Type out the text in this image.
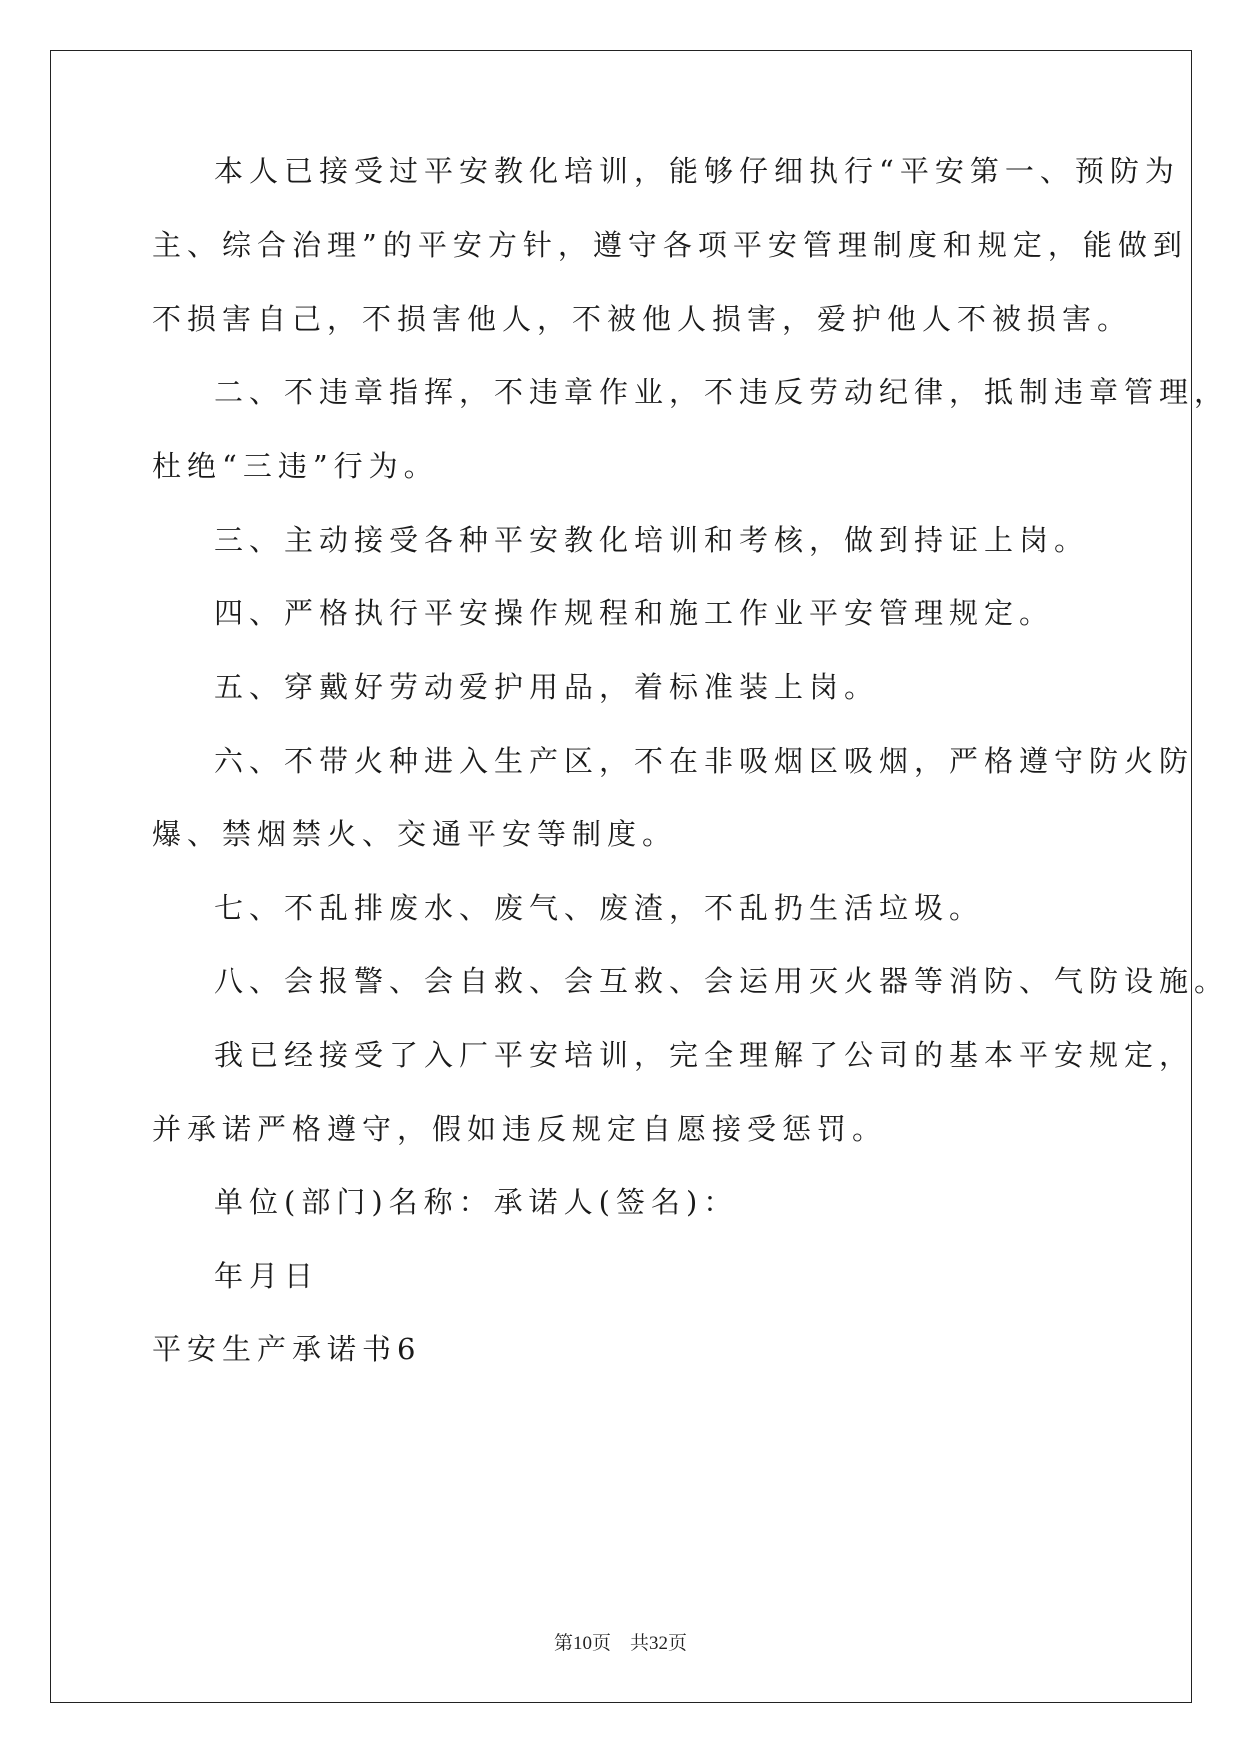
本人已接受过平安教化培训，能够仔细执行“平安第一、预防为
主、综合治理”的平安方针，遵守各项平安管理制度和规定，能做到
不损害自己，不损害他人，不被他人损害，爱护他人不被损害。
二、不违章指挥，不违章作业，不违反劳动纪律，抵制违章管理，
杜绝“三违”行为。
三、主动接受各种平安教化培训和考核，做到持证上岗。
四、严格执行平安操作规程和施工作业平安管理规定。
五、穿戴好劳动爱护用品，着标准装上岗。
六、不带火种进入生产区，不在非吸烟区吸烟，严格遵守防火防
爆、禁烟禁火、交通平安等制度。
七、不乱排废水、废气、废渣，不乱扔生活垃圾。
八、会报警、会自救、会互救、会运用灭火器等消防、气防设施。
我已经接受了入厂平安培训，完全理解了公司的基本平安规定，
并承诺严格遵守，假如违反规定自愿接受惩罚。
单位(部门)名称：承诺人(签名)：
年月日
平安生产承诺书6
第10页　共32页
